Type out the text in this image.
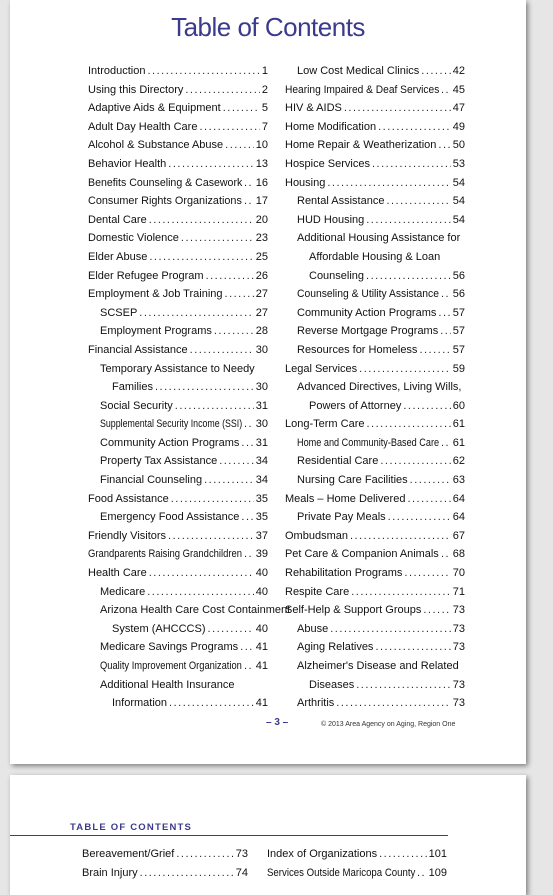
Table of Contents
Introduction .....	1
Using this Directory .....	2
Adaptive Aids & Equipment .....	5
Adult Day Health Care .....	7
Alcohol & Substance Abuse .....	10
Behavior Health .....	13
Benefits Counseling & Casework ..... 16
Consumer Rights Organizations ..... 17
Dental Care .....	20
Domestic Violence .....	23
Elder Abuse .....	25
Elder Refugee Program .....	26
Employment & Job Training .....	27
SCSEP .....	27
Employment Programs .....	28
Financial Assistance .....	30
Temporary Assistance to Needy
Families .....	30
Social Security .....	31
Supplemental Security Income (SSI) ..... 30
Community Action Programs ..... 31
Property Tax Assistance .....	34
Financial Counseling .....	34
Food Assistance .....	35
Emergency Food Assistance ..... 35
Friendly Visitors .....	37
Grandparents Raising Grandchildren ..... 39
Health Care .....	40
Medicare .....	40
Arizona Health Care Cost Containment
System (AHCCCS) .....	40
Medicare Savings Programs ..... 41
Quality Improvement Organization ..... 41
Additional Health Insurance
Information .....	41
Low Cost Medical Clinics .....	42
Hearing Impaired & Deaf Services ..... 45
HIV & AIDS .....	47
Home Modification .....	49
Home Repair & Weatherization ..... 50
Hospice Services .....	53
Housing .....	54
Rental Assistance .....	54
HUD Housing .....	54
Additional Housing Assistance for
Affordable Housing & Loan
Counseling .....	56
Counseling & Utility Assistance ..... 56
Community Action Programs ..... 57
Reverse Mortgage Programs ..... 57
Resources for Homeless .....	57
Legal Services .....	59
Advanced Directives, Living Wills,
Powers of Attorney .....	60
Long-Term Care .....	61
Home and Community-Based Care ..... 61
Residential Care .....	62
Nursing Care Facilities .....	63
Meals – Home Delivered .....	64
Private Pay Meals .....	64
Ombudsman .....	67
Pet Care & Companion Animals ..... 68
Rehabilitation Programs .....	70
Respite Care .....	71
Self-Help & Support Groups .....	73
Abuse .....	73
Aging Relatives .....	73
Alzheimer's Disease and Related
Diseases .....	73
Arthritis .....	73
– 3 –	© 2013 Area Agency on Aging, Region One
TABLE OF CONTENTS
Bereavement/Grief .....	73
Brain Injury .....	74
Index of Organizations .....	101
Services Outside Maricopa County ..... 109
